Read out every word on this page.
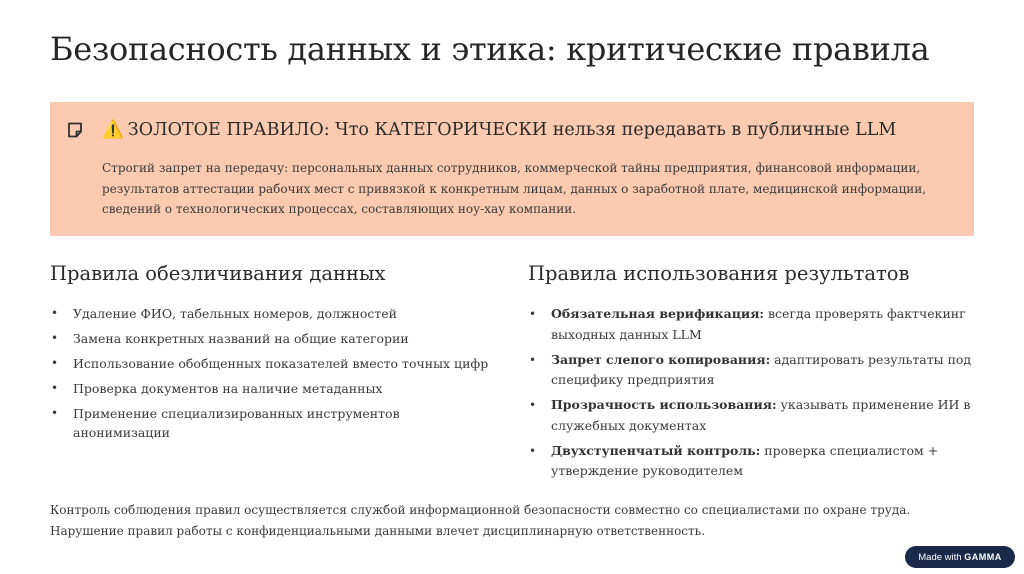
Безопасность данных и этика: критические правила
⚠️ ЗОЛОТОЕ ПРАВИЛО: Что КАТЕГОРИЧЕСКИ нельзя передавать в публичные LLM
Строгий запрет на передачу: персональных данных сотрудников, коммерческой тайны предприятия, финансовой информации, результатов аттестации рабочих мест с привязкой к конкретным лицам, данных о заработной плате, медицинской информации, сведений о технологических процессах, составляющих ноу-хау компании.
Правила обезличивания данных
• Удаление ФИО, табельных номеров, должностей
• Замена конкретных названий на общие категории
• Использование обобщенных показателей вместо точных цифр
• Проверка документов на наличие метаданных
• Применение специализированных инструментов анонимизации
Правила использования результатов
• Обязательная верификация: всегда проверять фактчекинг выходных данных LLM
• Запрет слепого копирования: адаптировать результаты под специфику предприятия
• Прозрачность использования: указывать применение ИИ в служебных документах
• Двухступенчатый контроль: проверка специалистом + утверждение руководителем
Контроль соблюдения правил осуществляется службой информационной безопасности совместно со специалистами по охране труда. Нарушение правил работы с конфиденциальными данными влечет дисциплинарную ответственность.
Made with GAMMA
